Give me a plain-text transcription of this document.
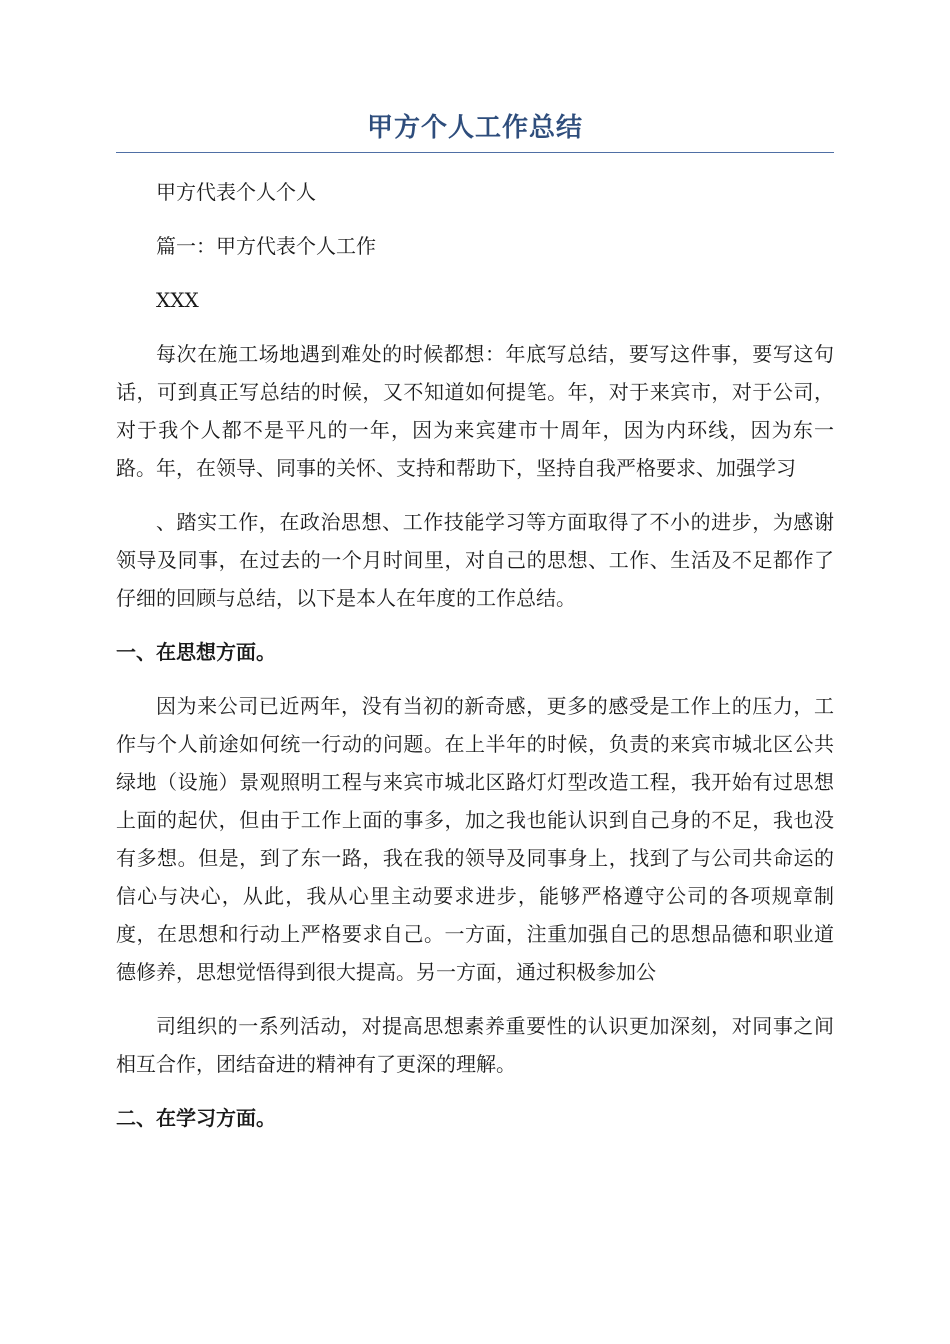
甲方个人工作总结

甲方代表个人个人

篇一：甲方代表个人工作

XXX

每次在施工场地遇到难处的时候都想：年底写总结，要写这件事，要写这句话，可到真正写总结的时候，又不知道如何提笔。年，对于来宾市，对于公司，对于我个人都不是平凡的一年，因为来宾建市十周年，因为内环线，因为东一路。年，在领导、同事的关怀、支持和帮助下，坚持自我严格要求、加强学习

、踏实工作，在政治思想、工作技能学习等方面取得了不小的进步，为感谢领导及同事，在过去的一个月时间里，对自己的思想、工作、生活及不足都作了仔细的回顾与总结，以下是本人在年度的工作总结。

一、在思想方面。

因为来公司已近两年，没有当初的新奇感，更多的感受是工作上的压力，工作与个人前途如何统一行动的问题。在上半年的时候，负责的来宾市城北区公共绿地（设施）景观照明工程与来宾市城北区路灯灯型改造工程，我开始有过思想上面的起伏，但由于工作上面的事多，加之我也能认识到自己身的不足，我也没有多想。但是，到了东一路，我在我的领导及同事身上，找到了与公司共命运的信心与决心，从此，我从心里主动要求进步，能够严格遵守公司的各项规章制度，在思想和行动上严格要求自己。一方面，注重加强自己的思想品德和职业道德修养，思想觉悟得到很大提高。另一方面，通过积极参加公

司组织的一系列活动，对提高思想素养重要性的认识更加深刻，对同事之间相互合作，团结奋进的精神有了更深的理解。

二、在学习方面。
